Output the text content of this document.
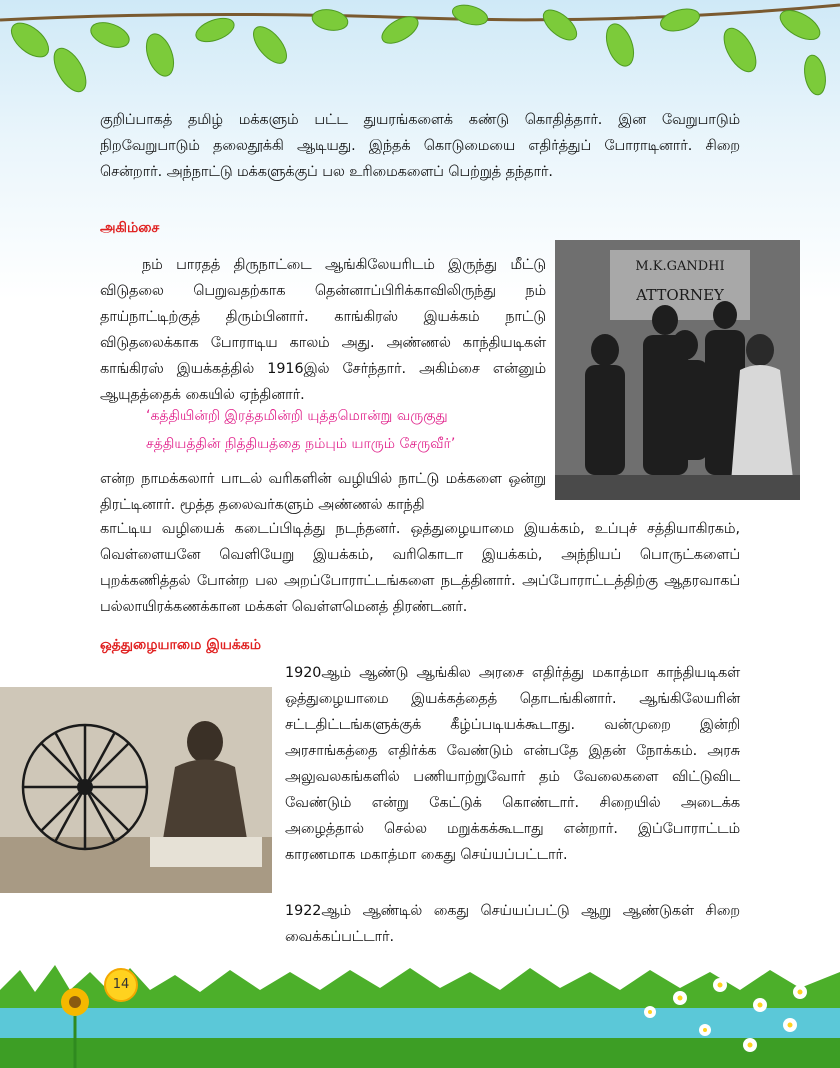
குறிப்பாகத் தமிழ் மக்களும் பட்ட துயரங்களைக் கண்டு கொதித்தார். இன வேறுபாடும் நிறவேறுபாடும் தலைதூக்கி ஆடியது. இந்தக் கொடுமையை எதிர்த்துப் போராடினார். சிறை சென்றார். அந்நாட்டு மக்களுக்குப் பல உரிமைகளைப் பெற்றுத் தந்தார்.

அகிம்சை

நம் பாரதத் திருநாட்டை ஆங்கிலேயரிடம் இருந்து மீட்டு விடுதலை பெறுவதற்காக தென்னாப்பிரிக்காவிலிருந்து நம் தாய்நாட்டிற்குத் திரும்பினார். காங்கிரஸ் இயக்கம் நாட்டு விடுதலைக்காக போராடிய காலம் அது. அண்ணல் காந்தியடிகள் காங்கிரஸ் இயக்கத்தில் 1916இல் சேர்ந்தார். அகிம்சை என்னும் ஆயுதத்தைக் கையில் ஏந்தினார்.

‘கத்தியின்றி இரத்தமின்றி யுத்தமொன்று வருகுது
சத்தியத்தின் நித்தியத்தை நம்பும் யாரும் சேருவீர்’

என்ற நாமக்கலார் பாடல் வரிகளின் வழியில் நாட்டு மக்களை ஒன்று திரட்டினார். மூத்த தலைவர்களும் அண்ணல் காந்தி

காட்டிய வழியைக் கடைப்பிடித்து நடந்தனர். ஒத்துழையாமை இயக்கம், உப்புச் சத்தியாகிரகம், வெள்ளையனே வெளியேறு இயக்கம், வரிகொடா இயக்கம், அந்நியப் பொருட்களைப் புறக்கணித்தல் போன்ற பல அறப்போராட்டங்களை நடத்தினார். அப்போராட்டத்திற்கு ஆதரவாகப் பல்லாயிரக்கணக்கான மக்கள் வெள்ளமெனத் திரண்டனர்.

M.K.GANDHI
ATTORNEY
ஒத்துழையாமை இயக்கம்

1920ஆம் ஆண்டு ஆங்கில அரசை எதிர்த்து மகாத்மா காந்தியடிகள் ஒத்துழையாமை இயக்கத்தைத் தொடங்கினார். ஆங்கிலேயரின் சட்டதிட்டங்களுக்குக் கீழ்ப்படியக்கூடாது. வன்முறை இன்றி அரசாங்கத்தை எதிர்க்க வேண்டும் என்பதே இதன் நோக்கம். அரசு அலுவலகங்களில் பணியாற்றுவோர் தம் வேலைகளை விட்டுவிட வேண்டும் என்று கேட்டுக் கொண்டார். சிறையில் அடைக்க அழைத்தால் செல்ல மறுக்கக்கூடாது என்றார். இப்போராட்டம் காரணமாக மகாத்மா கைது செய்யப்பட்டார்.

1922ஆம் ஆண்டில் கைது செய்யப்பட்டு ஆறு ஆண்டுகள் சிறை வைக்கப்பட்டார்.

14
